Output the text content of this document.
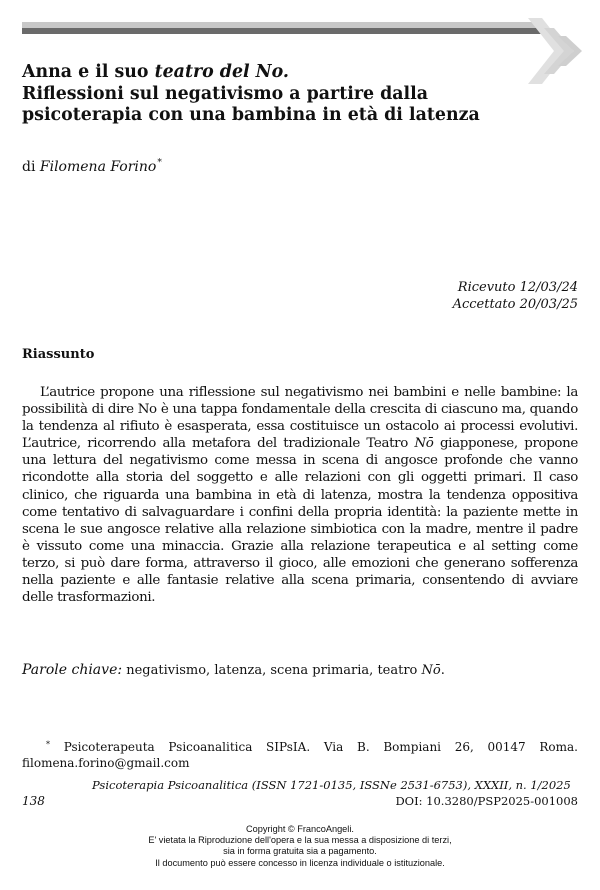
Anna e il suo teatro del No.
Riflessioni sul negativismo a partire dalla
psicoterapia con una bambina in età di latenza
di Filomena Forino*
Ricevuto 12/03/24
Accettato 20/03/25
Riassunto
L’autrice propone una riflessione sul negativismo nei bambini e nelle bambine: la possibilità di dire No è una tappa fondamentale della crescita di ciascuno ma, quando la tendenza al rifiuto è esasperata, essa costituisce un ostacolo ai processi evolutivi. L’autrice, ricorrendo alla metafora del tradizionale Teatro Nō giapponese, propone una lettura del negativismo come messa in scena di angosce profonde che vanno ricondotte alla storia del soggetto e alle relazioni con gli oggetti primari. Il caso clinico, che riguarda una bambina in età di latenza, mostra la tendenza oppositiva come tentativo di salvaguardare i confini della propria identità: la paziente mette in scena le sue angosce relative alla relazione simbiotica con la madre, mentre il padre è vissuto come una minaccia. Grazie alla relazione terapeutica e al setting come terzo, si può dare forma, attraverso il gioco, alle emozioni che generano sofferenza nella paziente e alle fantasie relative alla scena primaria, consentendo di avviare delle trasformazioni.
Parole chiave: negativismo, latenza, scena primaria, teatro Nō.
* Psicoterapeuta Psicoanalitica SIPsIA. Via B. Bompiani 26, 00147 Roma. filomena.forino@gmail.com
Psicoterapia Psicoanalitica (ISSN 1721-0135, ISSNe 2531-6753), XXXII, n. 1/2025
138	DOI: 10.3280/PSP2025-001008
Copyright © FrancoAngeli.
E' vietata la Riproduzione dell'opera e la sua messa a disposizione di terzi,
sia in forma gratuita sia a pagamento.
Il documento può essere concesso in licenza individuale o istituzionale.
